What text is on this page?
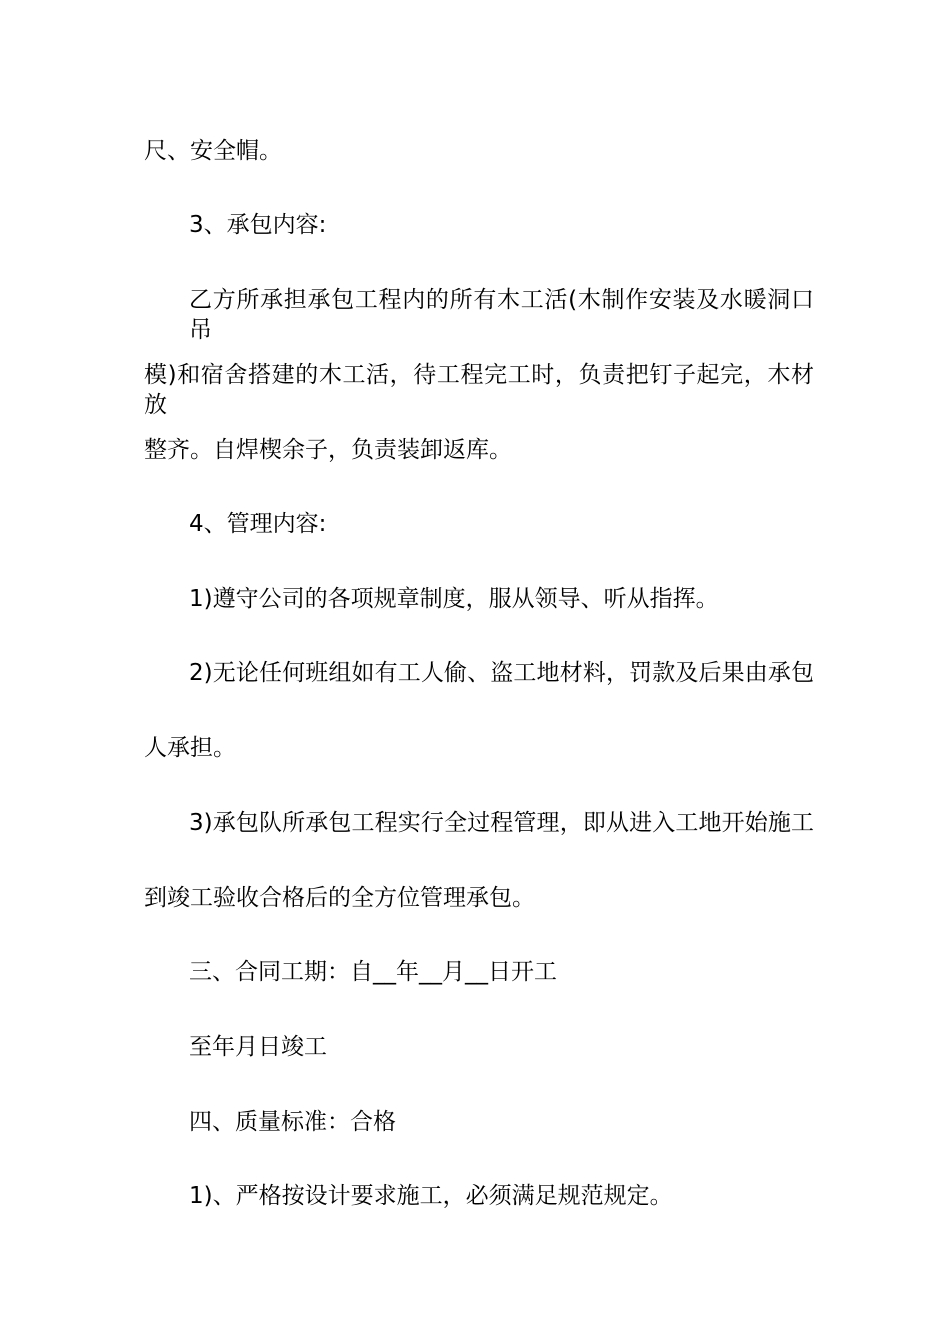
尺、安全帽。
3、承包内容:
乙方所承担承包工程内的所有木工活(木制作安装及水暖洞口吊
模)和宿舍搭建的木工活，待工程完工时，负责把钉子起完，木材放
整齐。自焊楔余子，负责装卸返库。
4、管理内容:
1)遵守公司的各项规章制度，服从领导、听从指挥。
2)无论任何班组如有工人偷、盗工地材料，罚款及后果由承包
人承担。
3)承包队所承包工程实行全过程管理，即从进入工地开始施工
到竣工验收合格后的全方位管理承包。
三、合同工期：自__年__月__日开工
至年月日竣工
四、质量标准：合格
1)、严格按设计要求施工，必须满足规范规定。
